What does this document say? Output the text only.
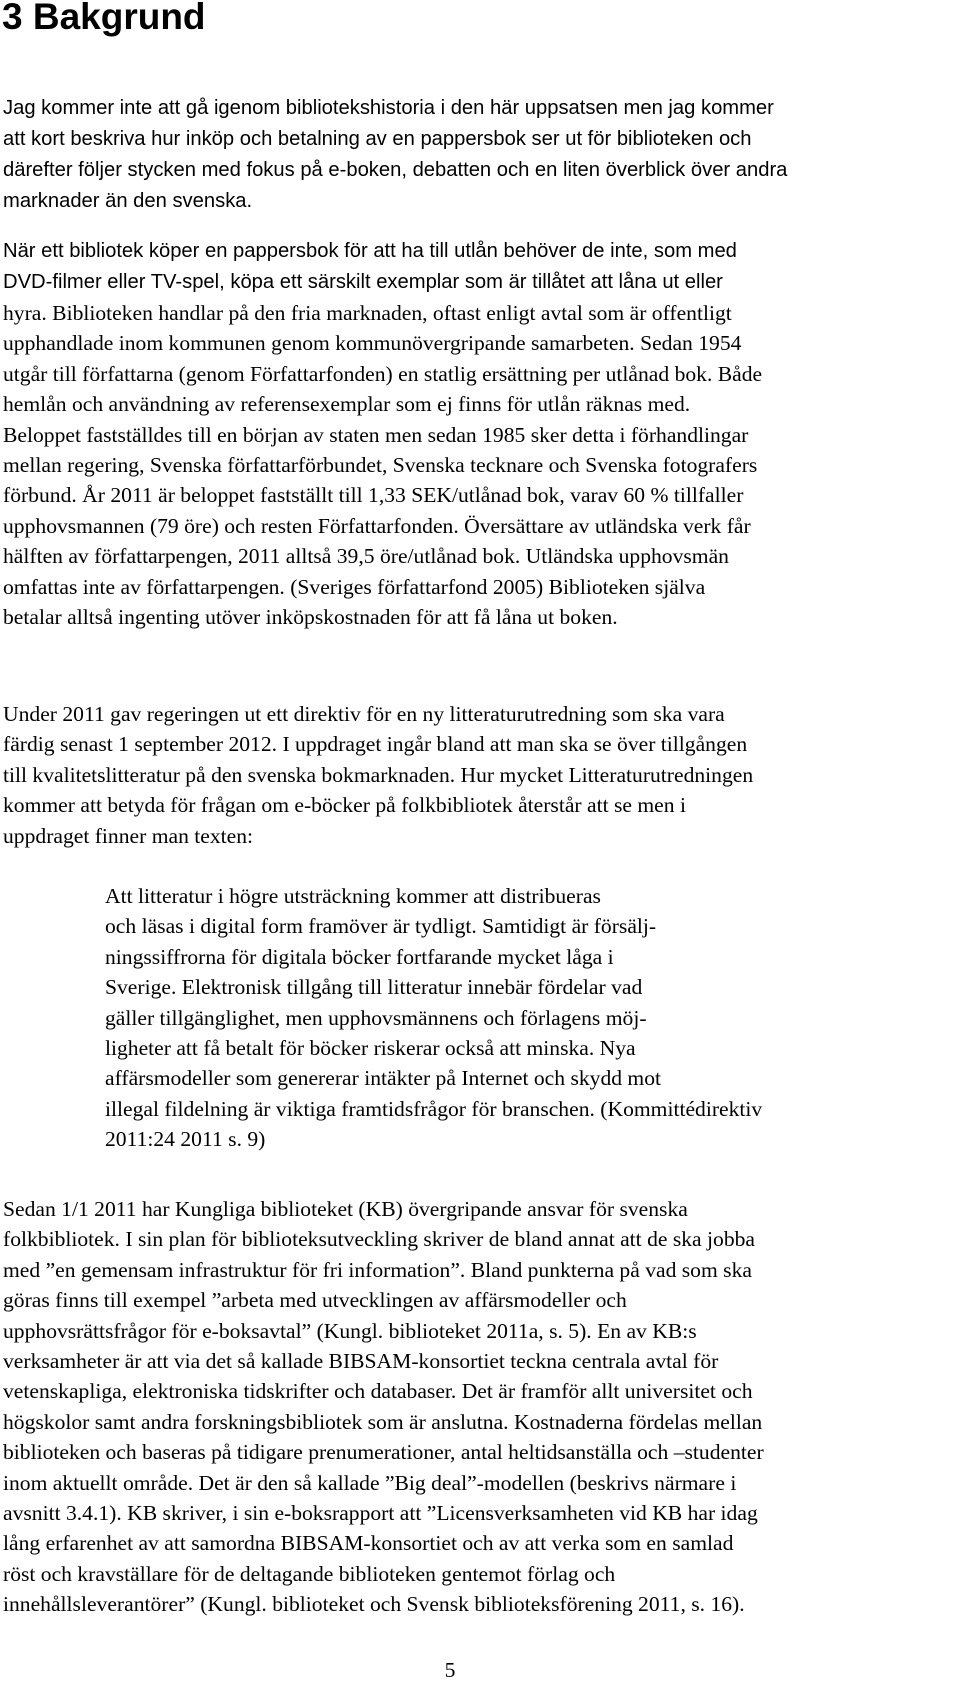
3 Bakgrund

Jag kommer inte att gå igenom bibliotekshistoria i den här uppsatsen men jag kommer
att kort beskriva hur inköp och betalning av en pappersbok ser ut för biblioteken och
därefter följer stycken med fokus på e-boken, debatten och en liten överblick över andra
marknader än den svenska.

När ett bibliotek köper en pappersbok för att ha till utlån behöver de inte, som med
DVD-filmer eller TV-spel, köpa ett särskilt exemplar som är tillåtet att låna ut eller

hyra. Biblioteken handlar på den fria marknaden, oftast enligt avtal som är offentligt
upphandlade inom kommunen genom kommunövergripande samarbeten. Sedan 1954
utgår till författarna (genom Författarfonden) en statlig ersättning per utlånad bok. Både
hemlån och användning av referensexemplar som ej finns för utlån räknas med.
Beloppet fastställdes till en början av staten men sedan 1985 sker detta i förhandlingar
mellan regering, Svenska författarförbundet, Svenska tecknare och Svenska fotografers
förbund. År 2011 är beloppet fastställt till 1,33 SEK/utlånad bok, varav 60 % tillfaller
upphovsmannen (79 öre) och resten Författarfonden. Översättare av utländska verk får
hälften av författarpengen, 2011 alltså 39,5 öre/utlånad bok. Utländska upphovsmän
omfattas inte av författarpengen. (Sveriges författarfond 2005) Biblioteken själva
betalar alltså ingenting utöver inköpskostnaden för att få låna ut boken.

Under 2011 gav regeringen ut ett direktiv för en ny litteraturutredning som ska vara
färdig senast 1 september 2012. I uppdraget ingår bland att man ska se över tillgången
till kvalitetslitteratur på den svenska bokmarknaden. Hur mycket Litteraturutredningen
kommer att betyda för frågan om e-böcker på folkbibliotek återstår att se men i
uppdraget finner man texten:

Att litteratur i högre utsträckning kommer att distribueras
och läsas i digital form framöver är tydligt. Samtidigt är försälj-
ningssiffrorna för digitala böcker fortfarande mycket låga i
Sverige. Elektronisk tillgång till litteratur innebär fördelar vad
gäller tillgänglighet, men upphovsmännens och förlagens möj-
ligheter att få betalt för böcker riskerar också att minska. Nya
affärsmodeller som genererar intäkter på Internet och skydd mot
illegal fildelning är viktiga framtidsfrågor för branschen. (Kommittédirektiv
2011:24 2011 s. 9)

Sedan 1/1 2011 har Kungliga biblioteket (KB) övergripande ansvar för svenska
folkbibliotek. I sin plan för biblioteksutveckling skriver de bland annat att de ska jobba
med ”en gemensam infrastruktur för fri information”. Bland punkterna på vad som ska
göras finns till exempel ”arbeta med utvecklingen av affärsmodeller och
upphovsrättsfrågor för e-boksavtal” (Kungl. biblioteket 2011a, s. 5). En av KB:s
verksamheter är att via det så kallade BIBSAM-konsortiet teckna centrala avtal för
vetenskapliga, elektroniska tidskrifter och databaser. Det är framför allt universitet och
högskolor samt andra forskningsbibliotek som är anslutna. Kostnaderna fördelas mellan
biblioteken och baseras på tidigare prenumerationer, antal heltidsanställa och –studenter
inom aktuellt område. Det är den så kallade ”Big deal”-modellen (beskrivs närmare i
avsnitt 3.4.1). KB skriver, i sin e-boksrapport att ”Licensverksamheten vid KB har idag
lång erfarenhet av att samordna BIBSAM-konsortiet och av att verka som en samlad
röst och kravställare för de deltagande biblioteken gentemot förlag och
innehållsleverantörer” (Kungl. biblioteket och Svensk biblioteksförening 2011, s. 16).

5
